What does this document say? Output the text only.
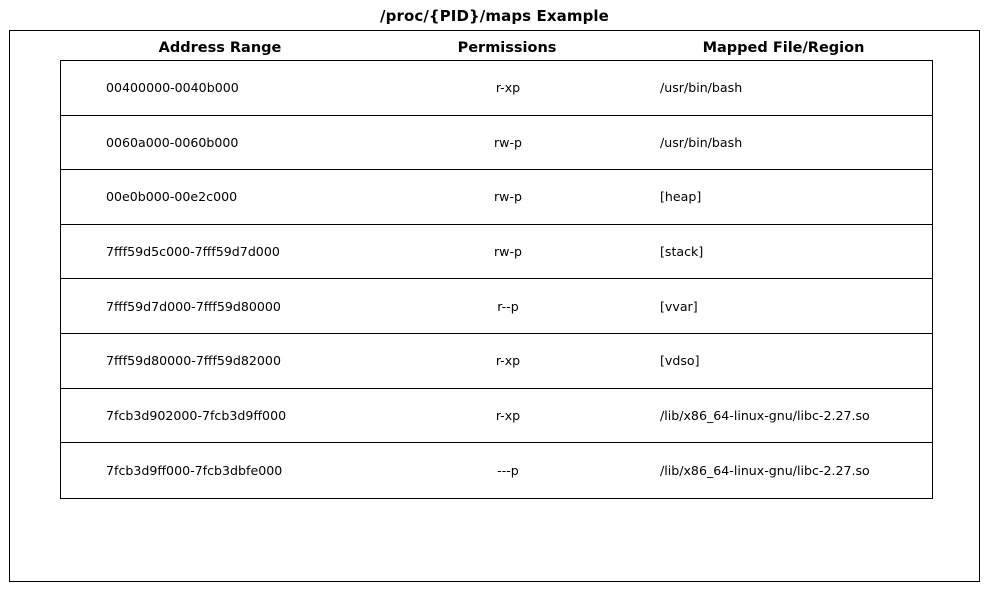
/proc/{PID}/maps Example
Address Range	Permissions	Mapped File/Region
00400000-0040b000	r-xp	/usr/bin/bash
0060a000-0060b000	rw-p	/usr/bin/bash
00e0b000-00e2c000	rw-p	[heap]
7fff59d5c000-7fff59d7d000	rw-p	[stack]
7fff59d7d000-7fff59d80000	r--p	[vvar]
7fff59d80000-7fff59d82000	r-xp	[vdso]
7fcb3d902000-7fcb3d9ff000	r-xp	/lib/x86_64-linux-gnu/libc-2.27.so
7fcb3d9ff000-7fcb3dbfe000	---p	/lib/x86_64-linux-gnu/libc-2.27.so
